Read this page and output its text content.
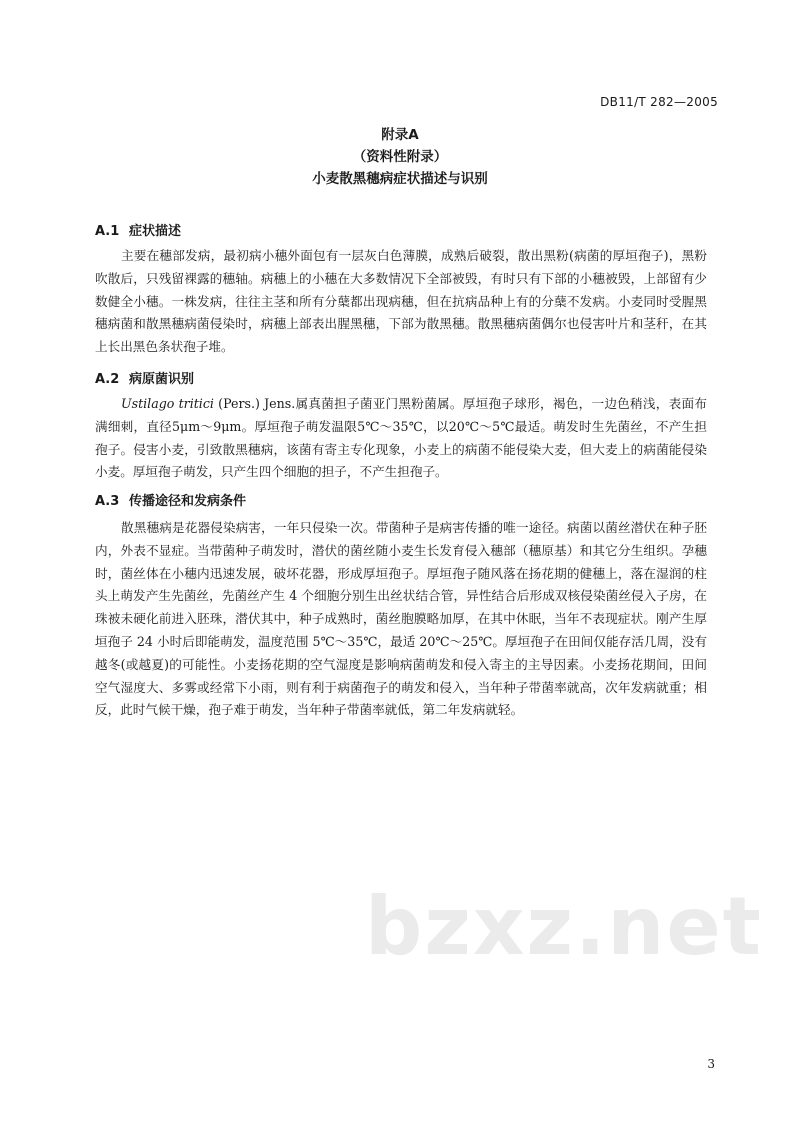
DB11/T 282—2005
附录A
（资料性附录）
小麦散黑穗病症状描述与识别
A.1 症状描述
主要在穗部发病，最初病小穗外面包有一层灰白色薄膜，成熟后破裂，散出黑粉(病菌的厚垣孢子)，黑粉吹散后，只残留裸露的穗轴。病穗上的小穗在大多数情况下全部被毁，有时只有下部的小穗被毁，上部留有少数健全小穗。一株发病，往往主茎和所有分蘖都出现病穗，但在抗病品种上有的分蘖不发病。小麦同时受腥黑穗病菌和散黑穗病菌侵染时，病穗上部表出腥黑穗，下部为散黑穗。散黑穗病菌偶尔也侵害叶片和茎秆，在其上长出黑色条状孢子堆。
A.2 病原菌识别
Ustilago tritici (Pers.) Jens.属真菌担子菌亚门黑粉菌属。厚垣孢子球形，褐色，一边色稍浅，表面布满细刺，直径5μm～9μm。厚垣孢子萌发温限5℃～35℃，以20℃～5℃最适。萌发时生先菌丝，不产生担孢子。侵害小麦，引致散黑穗病，该菌有寄主专化现象，小麦上的病菌不能侵染大麦，但大麦上的病菌能侵染小麦。厚垣孢子萌发，只产生四个细胞的担子，不产生担孢子。
A.3 传播途径和发病条件
散黑穗病是花器侵染病害，一年只侵染一次。带菌种子是病害传播的唯一途径。病菌以菌丝潜伏在种子胚内，外表不显症。当带菌种子萌发时，潜伏的菌丝随小麦生长发育侵入穗部（穗原基）和其它分生组织。孕穗时，菌丝体在小穗内迅速发展，破坏花器，形成厚垣孢子。厚垣孢子随风落在扬花期的健穗上，落在湿润的柱头上萌发产生先菌丝，先菌丝产生 4 个细胞分别生出丝状结合管，异性结合后形成双核侵染菌丝侵入子房，在珠被未硬化前进入胚珠，潜伏其中，种子成熟时，菌丝胞膜略加厚，在其中休眠，当年不表现症状。刚产生厚垣孢子 24 小时后即能萌发，温度范围 5℃～35℃，最适 20℃～25℃。厚垣孢子在田间仅能存活几周，没有越冬(或越夏)的可能性。小麦扬花期的空气湿度是影响病菌萌发和侵入寄主的主导因素。小麦扬花期间，田间空气湿度大、多雾或经常下小雨，则有利于病菌孢子的萌发和侵入，当年种子带菌率就高，次年发病就重；相反，此时气候干燥，孢子难于萌发，当年种子带菌率就低，第二年发病就轻。
bzxz.net
3
